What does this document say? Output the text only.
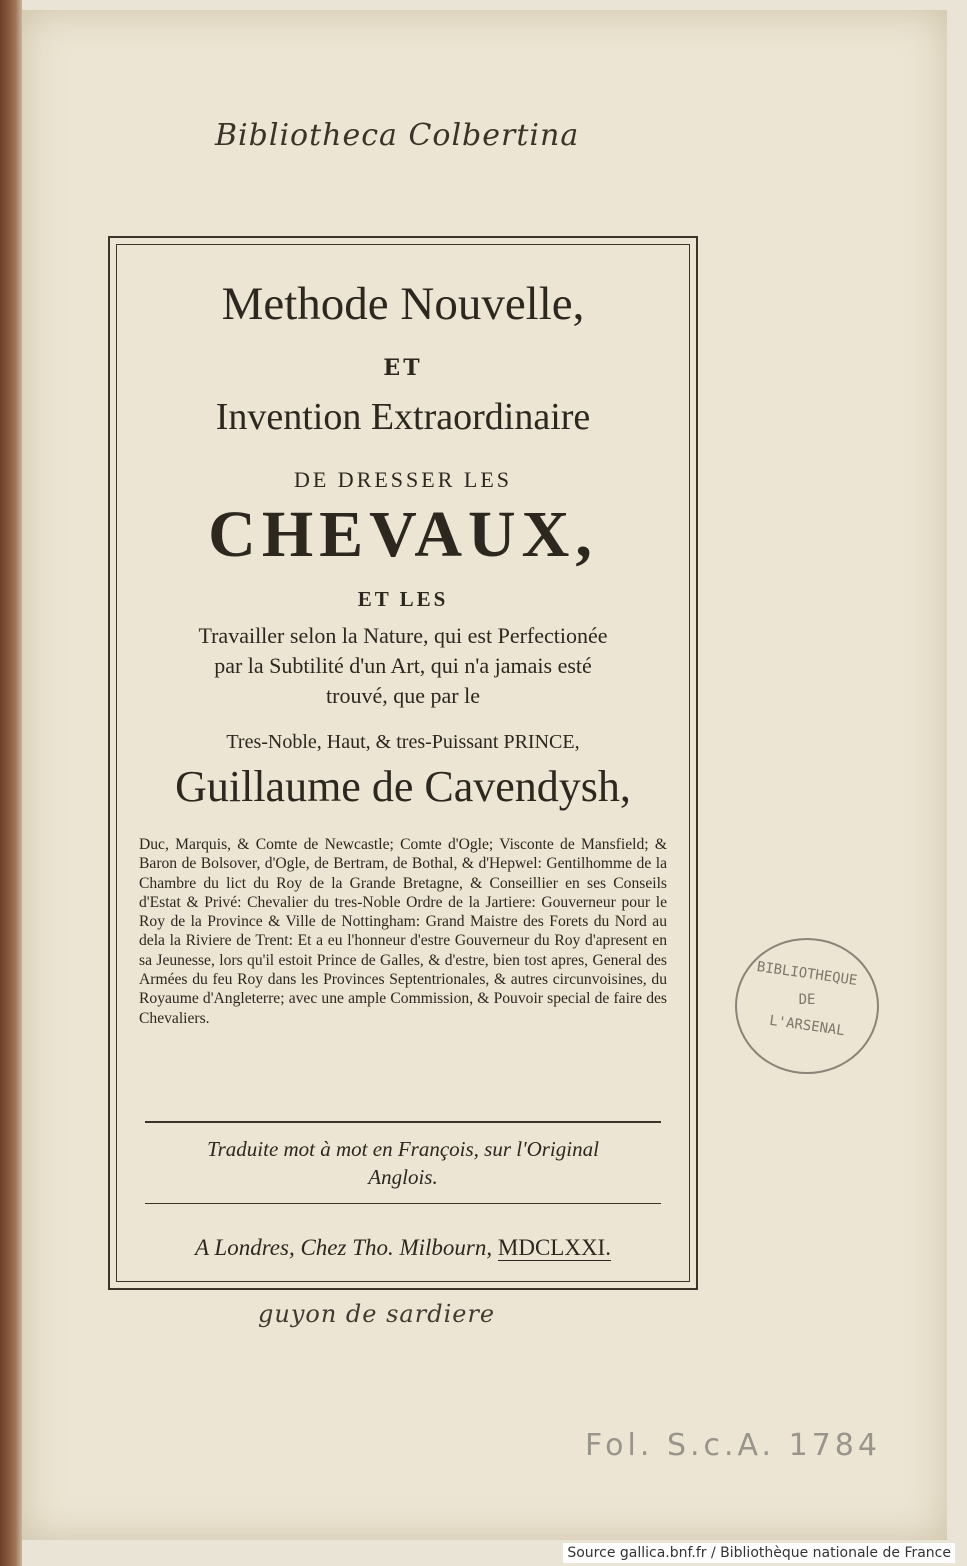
Bibliotheca Colbertina
Methode Nouvelle,
ET
Invention Extraordinaire
DE DRESSER LES
CHEVAUX,
ET LES
Travailler selon la Nature, qui est Perfectionée
par la Subtilité d'un Art, qui n'a jamais esté
trouvé, que par le
Tres-Noble, Haut, & tres-Puissant PRINCE,
Guillaume de Cavendysh,
Duc, Marquis, & Comte de Newcastle; Comte d'Ogle; Visconte de Mansfield; & Baron de Bolsover, d'Ogle, de Bertram, de Bothal, & d'Hepwel: Gentilhomme de la Chambre du lict du Roy de la Grande Bretagne, & Conseillier en ses Conseils d'Estat & Privé: Chevalier du tres-Noble Ordre de la Jartiere: Gouverneur pour le Roy de la Province & Ville de Nottingham: Grand Maistre des Forets du Nord au dela la Riviere de Trent: Et a eu l'honneur d'estre Gouverneur du Roy d'apresent en sa Jeunesse, lors qu'il estoit Prince de Galles, & d'estre, bien tost apres, General des Armées du feu Roy dans les Provinces Septentrionales, & autres circunvoisines, du Royaume d'Angleterre; avec une ample Commission, & Pouvoir special de faire des Chevaliers.
Traduite mot à mot en François, sur l'Original
Anglois.
A Londres, Chez Tho. Milbourn, MDCLXXI.
BIBLIOTHEQUE
DE
L'ARSENAL
guyon de sardiere
Fol. S.c.A. 1784
Source gallica.bnf.fr / Bibliothèque nationale de France
